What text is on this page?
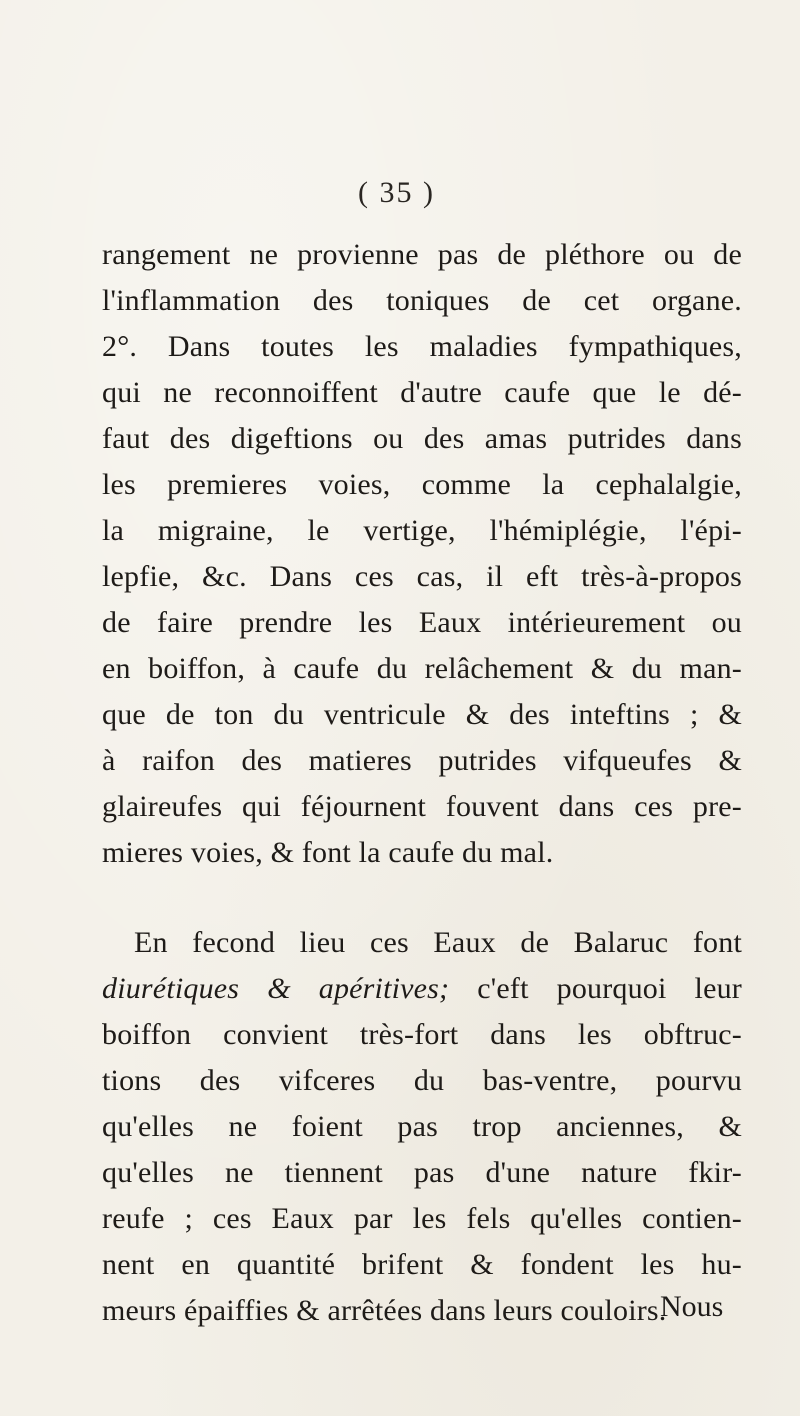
( 35 )
rangement ne provienne pas de pléthore ou de
l'inflammation des toniques de cet organe.
2°. Dans toutes les maladies fympathiques,
qui ne reconnoiffent d'autre caufe que le dé-
faut des digeftions ou des amas putrides dans
les premieres voies, comme la cephalalgie,
la migraine, le vertige, l'hémiplégie, l'épi-
lepfie, &c. Dans ces cas, il eft très-à-propos
de faire prendre les Eaux intérieurement ou
en boiffon, à caufe du relâchement & du man-
que de ton du ventricule & des inteftins ; &
à raifon des matieres putrides vifqueufes &
glaireufes qui féjournent fouvent dans ces pre-
mieres voies, & font la caufe du mal.
En fecond lieu ces Eaux de Balaruc font
diurétiques & apéritives; c'eft pourquoi leur
boiffon convient très-fort dans les obftruc-
tions des vifceres du bas-ventre, pourvu
qu'elles ne foient pas trop anciennes, &
qu'elles ne tiennent pas d'une nature fkir-
reufe ; ces Eaux par les fels qu'elles contien-
nent en quantité brifent & fondent les hu-
meurs épaiffies & arrêtées dans leurs couloirs.
Nous
